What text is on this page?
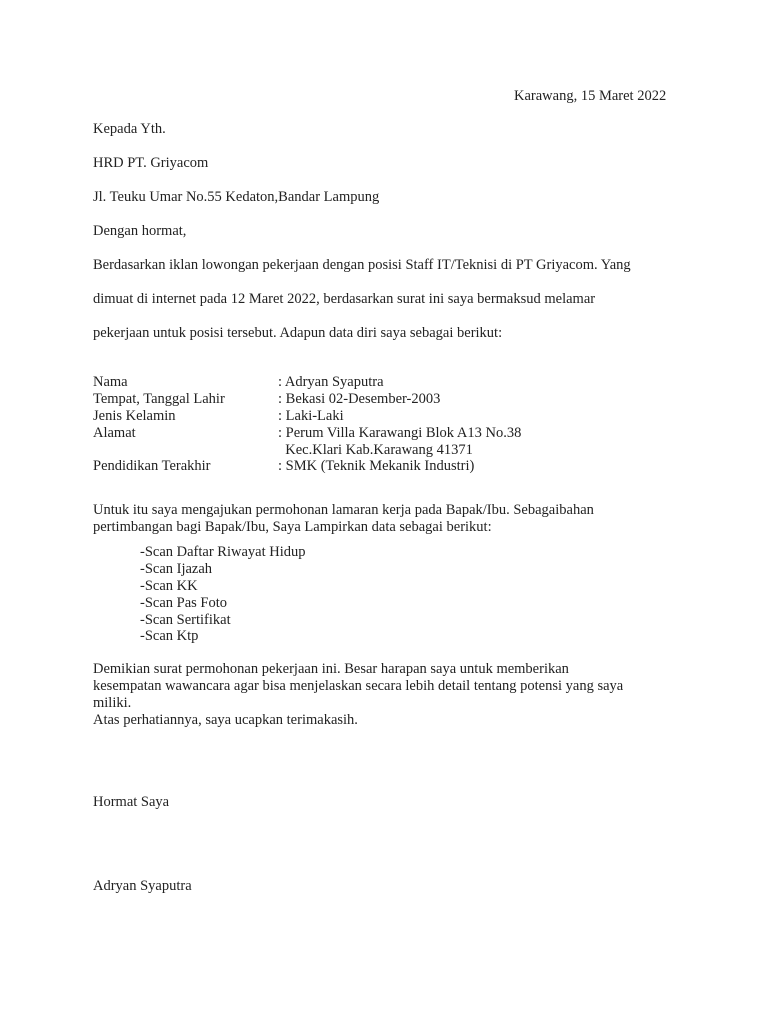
Karawang, 15 Maret 2022
Kepada Yth.
HRD PT. Griyacom
Jl. Teuku Umar No.55 Kedaton,Bandar Lampung
Dengan hormat,
Berdasarkan iklan lowongan pekerjaan dengan posisi Staff IT/Teknisi di PT Griyacom. Yang
dimuat di internet pada 12 Maret 2022, berdasarkan surat ini saya bermaksud melamar
pekerjaan untuk posisi tersebut. Adapun data diri saya sebagai berikut:
Nama	: Adryan Syaputra
Tempat, Tanggal Lahir	: Bekasi 02-Desember-2003
Jenis Kelamin	: Laki-Laki
Alamat	: Perum Villa Karawangi Blok A13 No.38
Kec.Klari Kab.Karawang 41371
Pendidikan Terakhir	: SMK (Teknik Mekanik Industri)
Untuk itu saya mengajukan permohonan lamaran kerja pada Bapak/Ibu. Sebagaibahan
pertimbangan bagi Bapak/Ibu, Saya Lampirkan data sebagai berikut:
-Scan Daftar Riwayat Hidup
-Scan Ijazah
-Scan KK
-Scan Pas Foto
-Scan Sertifikat
-Scan Ktp
Demikian surat permohonan pekerjaan ini. Besar harapan saya untuk memberikan
kesempatan wawancara agar bisa menjelaskan secara lebih detail tentang potensi yang saya
miliki.
Atas perhatiannya, saya ucapkan terimakasih.
Hormat Saya
Adryan Syaputra
